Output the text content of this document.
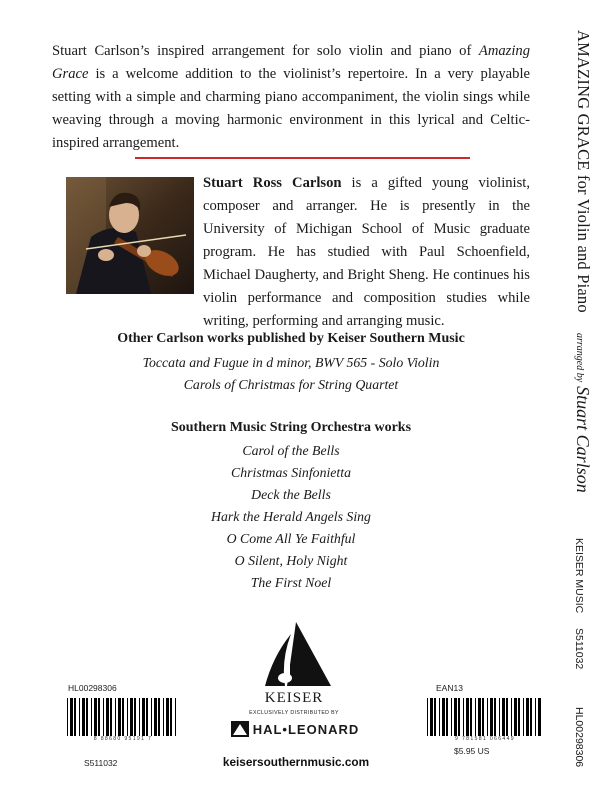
Stuart Carlson’s inspired arrangement for solo violin and piano of Amazing Grace is a welcome addition to the violinist’s repertoire. In a very playable setting with a simple and charming piano accompaniment, the violin sings while weaving through a moving harmonic environment in this lyrical and Celtic-inspired arrangement.

Stuart Ross Carlson is a gifted young violinist, composer and arranger. He is presently in the University of Michigan School of Music graduate program. He has studied with Paul Schoenfield, Michael Daugherty, and Bright Sheng. He continues his violin performance and composition studies while writing, performing and arranging music.

Other Carlson works published by Keiser Southern Music
Toccata and Fugue in d minor, BWV 565 - Solo Violin
Carols of Christmas for String Quartet
Southern Music String Orchestra works
Carol of the Bells
Christmas Sinfonietta
Deck the Bells
Hark the Herald Angels Sing
O Come All Ye Faithful
O Silent, Holy Night
The First Noel
AMAZING GRACE for Violin and Piano
arranged by Stuart Carlson
KEISER MUSIC
S511032
HL00298306
KEISER
EXCLUSIVELY DISTRIBUTED BY
HAL•LEONARD
HL00298306
8 88680 95191 7
S511032
EAN13
9 781581 066449
$5.95 US
keisersouthernmusic.com
